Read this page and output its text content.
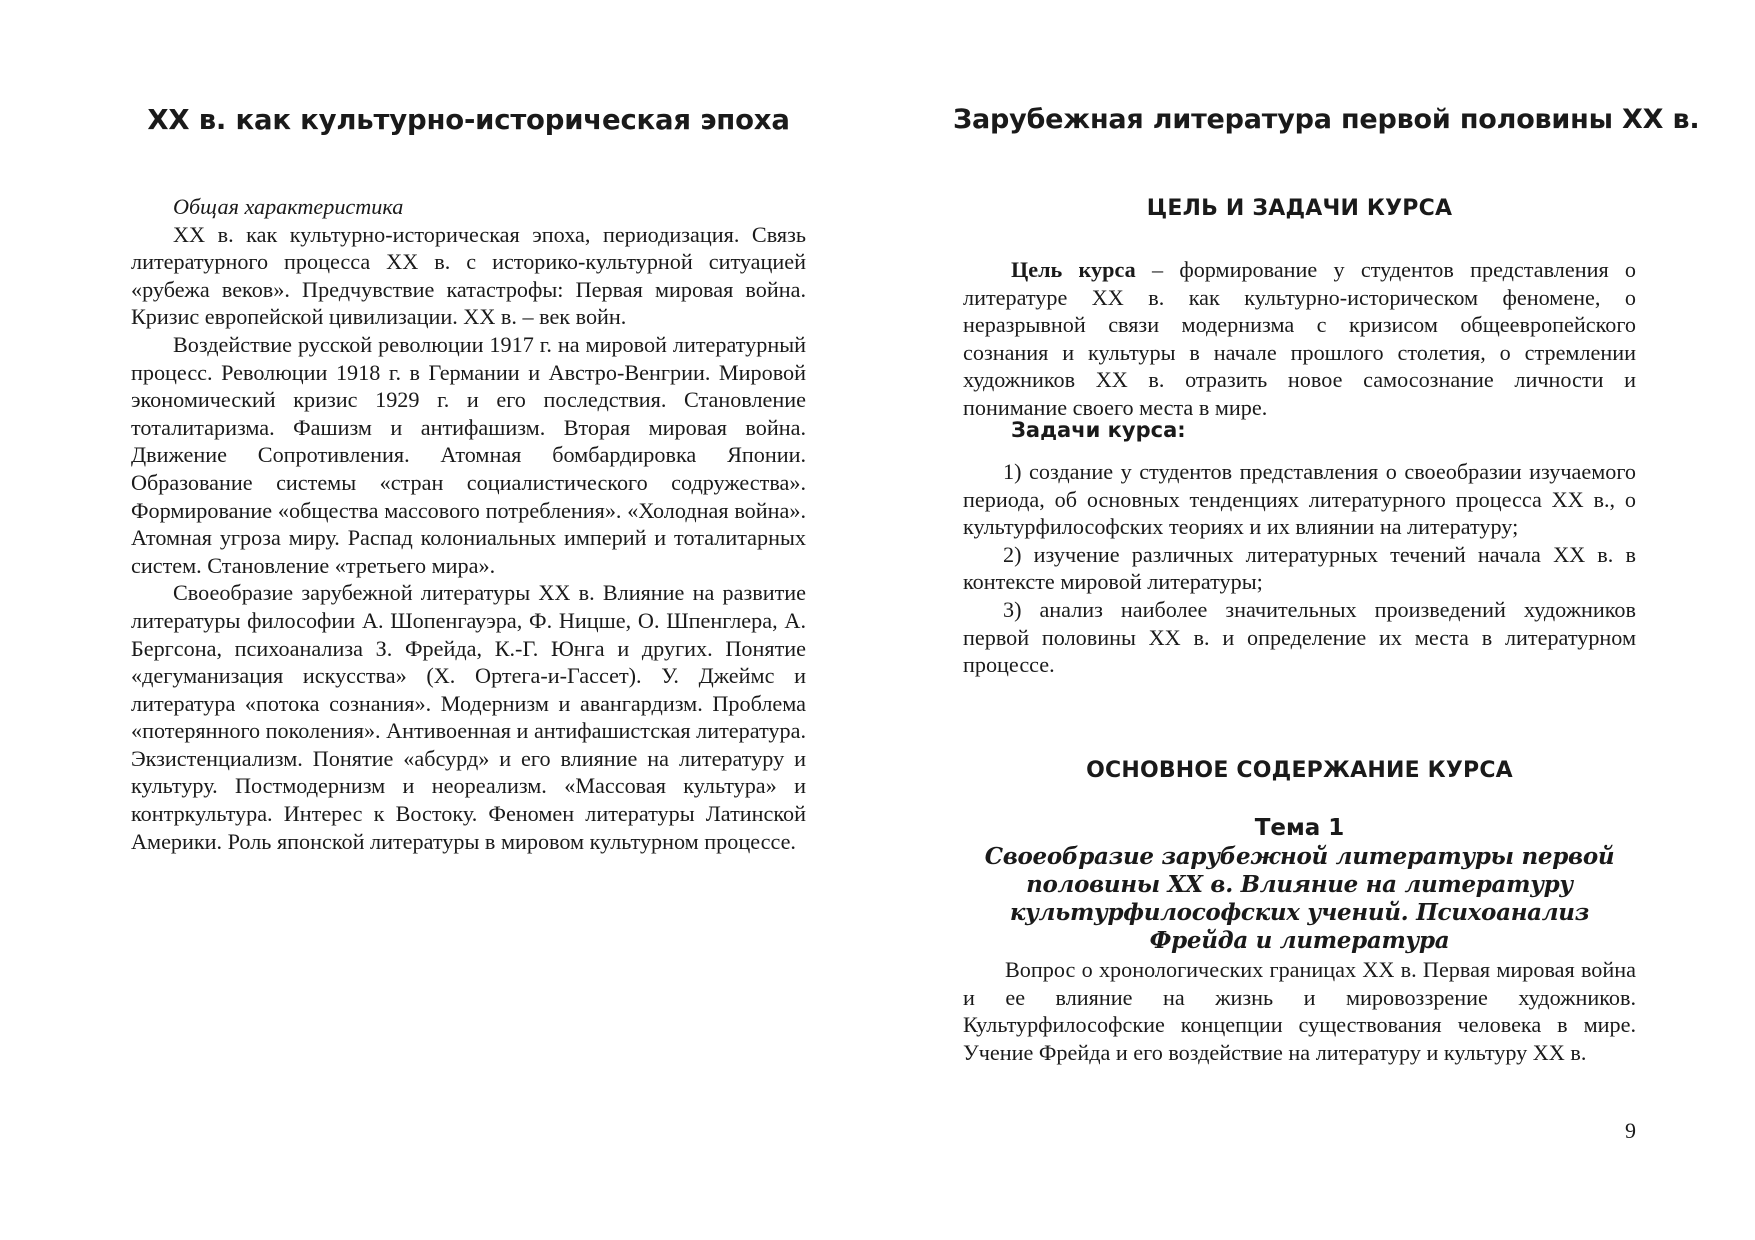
XX в. как культурно-историческая эпоха

Общая характеристика

XX в. как культурно-историческая эпоха, периодизация. Связь литературного процесса XX в. с историко-культурной ситуацией «рубежа веков». Предчувствие катастрофы: Первая мировая война. Кризис европейской цивилизации. XX в. – век войн.

Воздействие русской революции 1917 г. на мировой литературный процесс. Революции 1918 г. в Германии и Австро-Венгрии. Мировой экономический кризис 1929 г. и его последствия. Становление тоталитаризма. Фашизм и антифашизм. Вторая мировая война. Движение Сопротивления. Атомная бомбардировка Японии. Образование системы «стран социалистического содружества». Формирование «общества массового потребления». «Холодная война». Атомная угроза миру. Распад колониальных империй и тоталитарных систем. Становление «третьего мира».

Своеобразие зарубежной литературы XX в. Влияние на развитие литературы философии А. Шопенгауэра, Ф. Ницше, О. Шпенглера, А. Бергсона, психоанализа З. Фрейда, К.-Г. Юнга и других. Понятие «дегуманизация искусства» (Х. Ортега-и-Гассет). У. Джеймс и литература «потока сознания». Модернизм и авангардизм. Проблема «потерянного поколения». Антивоенная и антифашистская литература. Экзистенциализм. Понятие «абсурд» и его влияние на литературу и культуру. Постмодернизм и неореализм. «Массовая культура» и контркультура. Интерес к Востоку. Феномен литературы Латинской Америки. Роль японской литературы в мировом культурном процессе.

Зарубежная литература первой половины XX в.
ЦЕЛЬ И ЗАДАЧИ КУРСА

Цель курса – формирование у студентов представления о литературе XX в. как культурно-историческом феномене, о неразрывной связи модернизма с кризисом общеевропейского сознания и культуры в начале прошлого столетия, о стремлении художников XX в. отразить новое самосознание личности и понимание своего места в мире.

Задачи курса:

1) создание у студентов представления о своеобразии изучаемого периода, об основных тенденциях литературного процесса XX в., о культурфилософских теориях и их влиянии на литературу;

2) изучение различных литературных течений начала XX в. в контексте мировой литературы;

3) анализ наиболее значительных произведений художников первой половины XX в. и определение их места в литературном процессе.

ОСНОВНОЕ СОДЕРЖАНИЕ КУРСА
Тема 1
Своеобразие зарубежной литературы первой половины XX в. Влияние на литературу культурфилософских учений. Психоанализ Фрейда и литература

Вопрос о хронологических границах XX в. Первая мировая война и ее влияние на жизнь и мировоззрение художников. Культурфилософские концепции существования человека в мире. Учение Фрейда и его воздействие на литературу и культуру XX в.

9
